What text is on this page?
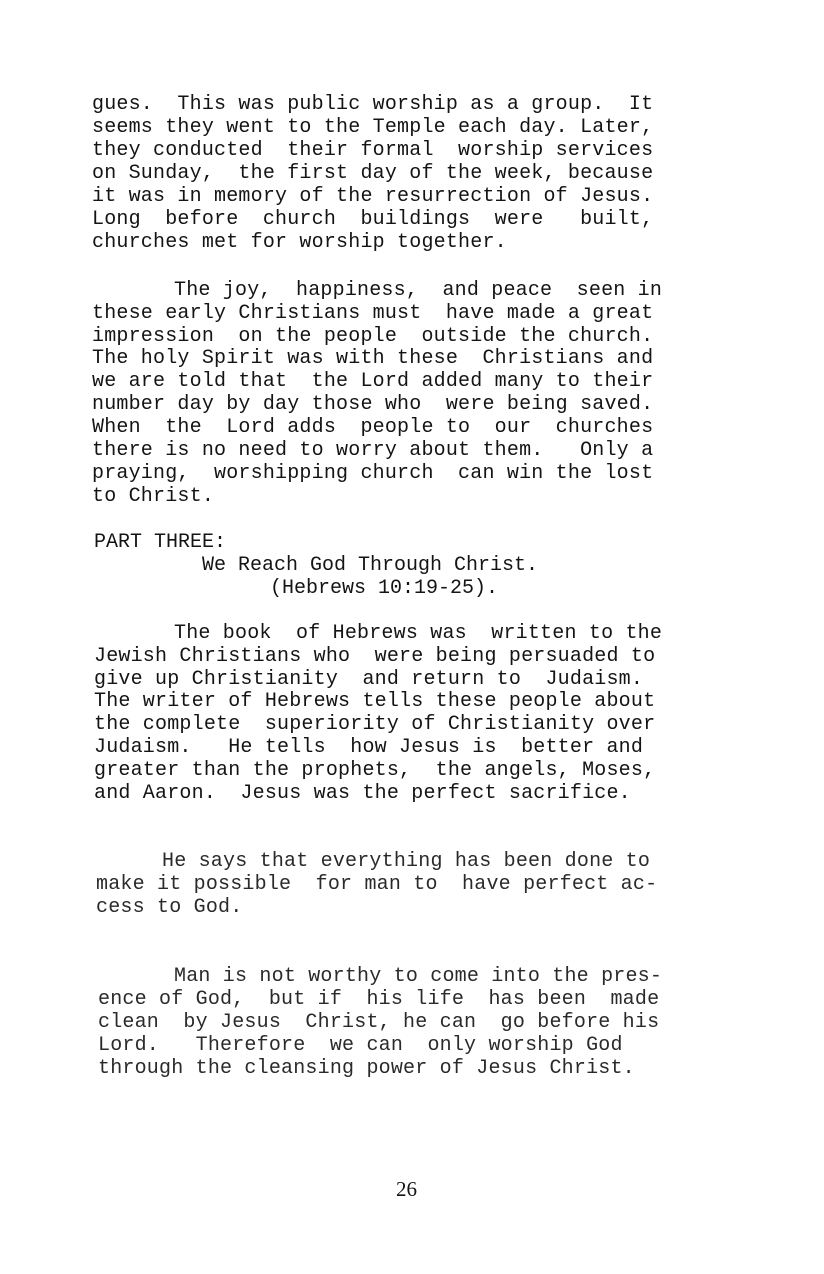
gues.  This was public worship as a group.  It
seems they went to the Temple each day. Later,
they conducted  their formal  worship services
on Sunday,  the first day of the week, because
it was in memory of the resurrection of Jesus.
Long  before  church  buildings  were   built,
churches met for worship together.
The joy,  happiness,  and peace  seen in
these early Christians must  have made a great
impression  on the people  outside the church.
The holy Spirit was with these  Christians and
we are told that  the Lord added many to their
number day by day those who  were being saved.
When  the  Lord adds  people to  our  churches
there is no need to worry about them.   Only a
praying,  worshipping church  can win the lost
to Christ.
PART THREE:
We Reach God Through Christ.
(Hebrews 10:19-25).
The book  of Hebrews was  written to the
Jewish Christians who  were being persuaded to
give up Christianity  and return to  Judaism.
The writer of Hebrews tells these people about
the complete  superiority of Christianity over
Judaism.   He tells  how Jesus is  better and
greater than the prophets,  the angels, Moses,
and Aaron.  Jesus was the perfect sacrifice.
He says that everything has been done to
make it possible  for man to  have perfect ac-
cess to God.
Man is not worthy to come into the pres-
ence of God,  but if  his life  has been  made
clean  by Jesus  Christ, he can  go before his
Lord.   Therefore  we can  only worship God
through the cleansing power of Jesus Christ.
26
